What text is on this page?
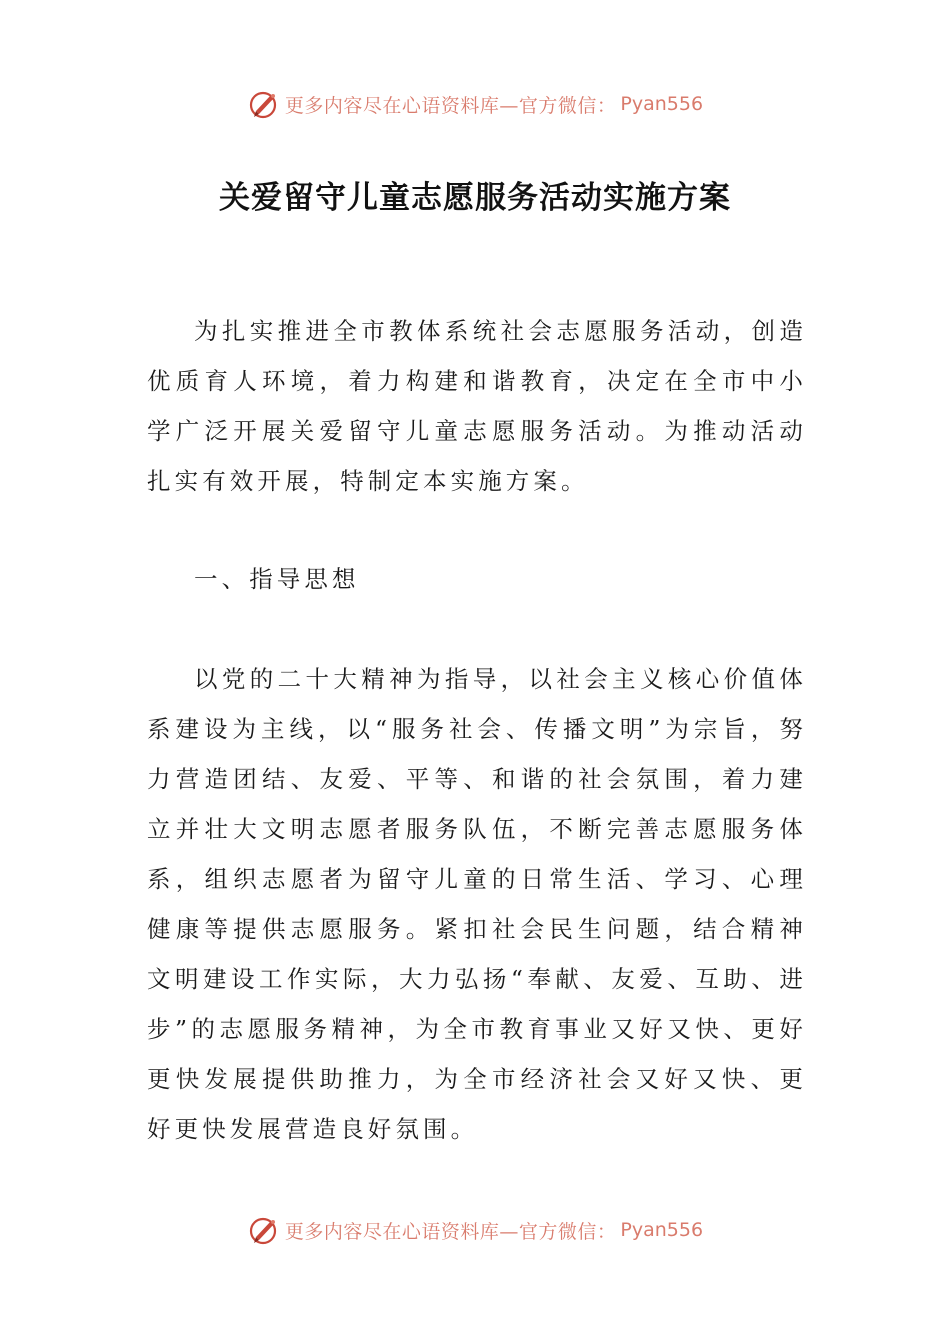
更多内容尽在心语资料库—官方微信： Pyan556
关爱留守儿童志愿服务活动实施方案

为扎实推进全市教体系统社会志愿服务活动，创造优质育人环境，着力构建和谐教育，决定在全市中小学广泛开展关爱留守儿童志愿服务活动。为推动活动扎实有效开展，特制定本实施方案。

一、指导思想

以党的二十大精神为指导，以社会主义核心价值体系建设为主线，以“服务社会、传播文明”为宗旨，努力营造团结、友爱、平等、和谐的社会氛围，着力建立并壮大文明志愿者服务队伍，不断完善志愿服务体系，组织志愿者为留守儿童的日常生活、学习、心理健康等提供志愿服务。紧扣社会民生问题，结合精神文明建设工作实际，大力弘扬“奉献、友爱、互助、进步”的志愿服务精神，为全市教育事业又好又快、更好更快发展提供助推力，为全市经济社会又好又快、更好更快发展营造良好氛围。

更多内容尽在心语资料库—官方微信： Pyan556
